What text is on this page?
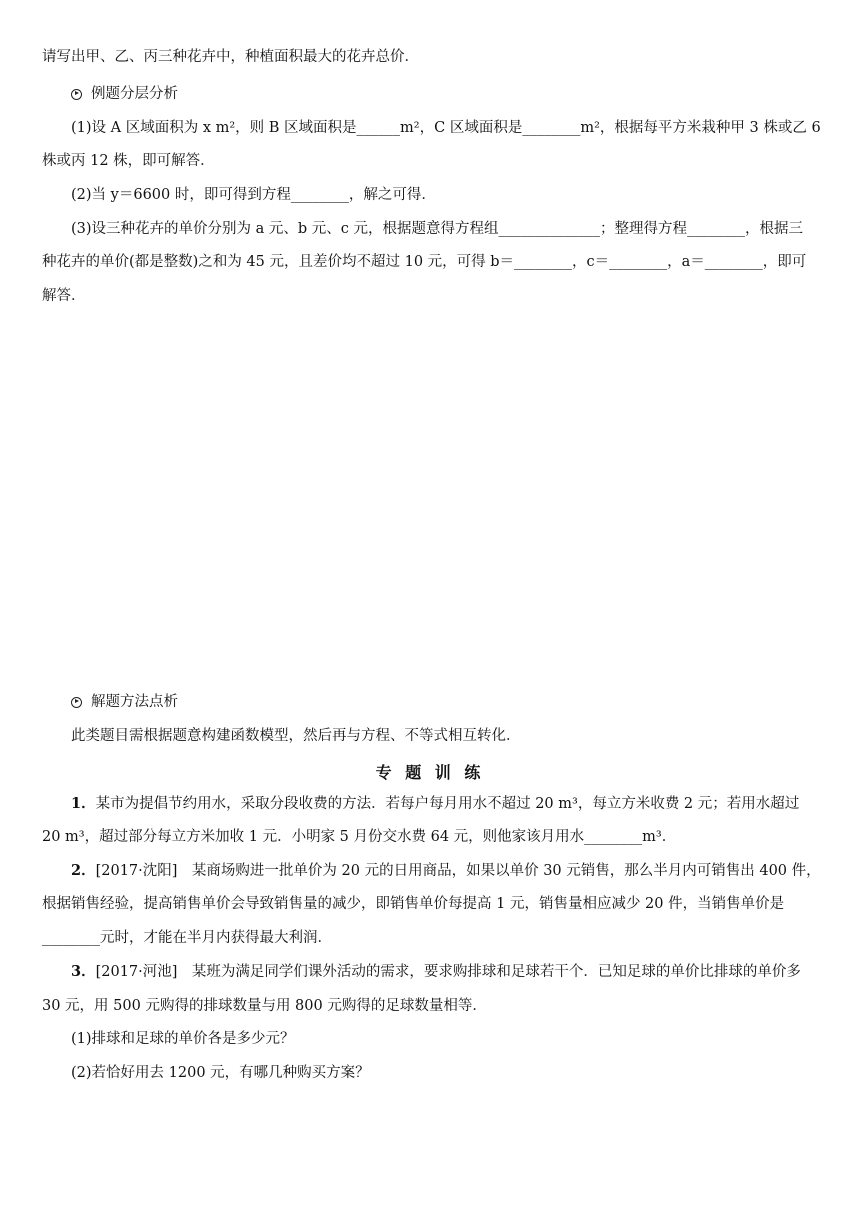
请写出甲、乙、丙三种花卉中，种植面积最大的花卉总价．
例题分层分析
(1)设 A 区域面积为 x m²，则 B 区域面积是______m²，C 区域面积是________m²，根据每平方米栽种甲 3 株或乙 6
株或丙 12 株，即可解答．
(2)当 y＝6600 时，即可得到方程________，解之可得．
(3)设三种花卉的单价分别为 a 元、b 元、c 元，根据题意得方程组______________；整理得方程________，根据三
种花卉的单价(都是整数)之和为 45 元，且差价均不超过 10 元，可得 b＝________，c＝________，a＝________，即可
解答．
解题方法点析
此类题目需根据题意构建函数模型，然后再与方程、不等式相互转化．
专 题 训 练
1．某市为提倡节约用水，采取分段收费的方法．若每户每月用水不超过 20 m³，每立方米收费 2 元；若用水超过
20 m³，超过部分每立方米加收 1 元．小明家 5 月份交水费 64 元，则他家该月用水________m³．
2．[2017·沈阳]　某商场购进一批单价为 20 元的日用商品，如果以单价 30 元销售，那么半月内可销售出 400 件，
根据销售经验，提高销售单价会导致销售量的减少，即销售单价每提高 1 元，销售量相应减少 20 件，当销售单价是
________元时，才能在半月内获得最大利润．
3．[2017·河池]　某班为满足同学们课外活动的需求，要求购排球和足球若干个．已知足球的单价比排球的单价多
30 元，用 500 元购得的排球数量与用 800 元购得的足球数量相等．
(1)排球和足球的单价各是多少元？
(2)若恰好用去 1200 元，有哪几种购买方案？
